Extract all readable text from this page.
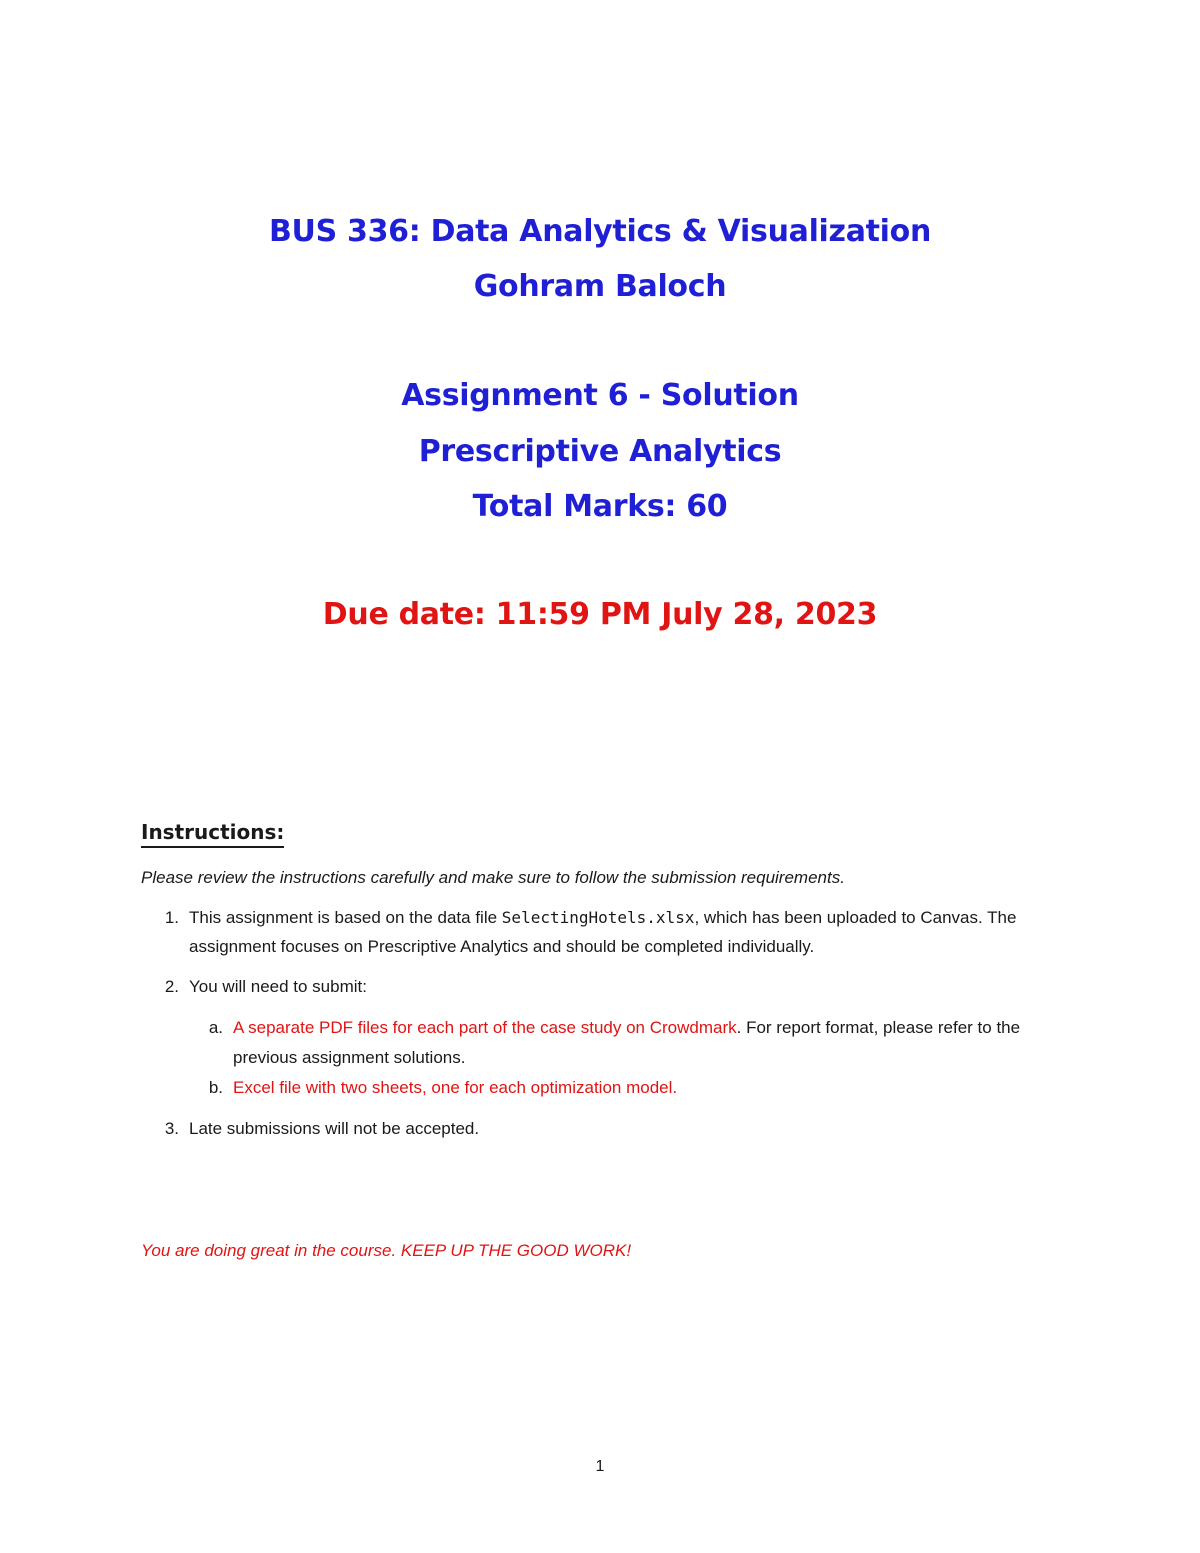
BUS 336: Data Analytics & Visualization
Gohram Baloch
Assignment 6 - Solution
Prescriptive Analytics
Total Marks: 60
Due date: 11:59 PM July 28, 2023
Instructions:
Please review the instructions carefully and make sure to follow the submission requirements.
1. This assignment is based on the data file SelectingHotels.xlsx, which has been uploaded to Canvas. The
assignment focuses on Prescriptive Analytics and should be completed individually.
2. You will need to submit:
a. A separate PDF files for each part of the case study on Crowdmark. For report format, please refer to the
previous assignment solutions.
b. Excel file with two sheets, one for each optimization model.
3. Late submissions will not be accepted.
You are doing great in the course. KEEP UP THE GOOD WORK!
1
